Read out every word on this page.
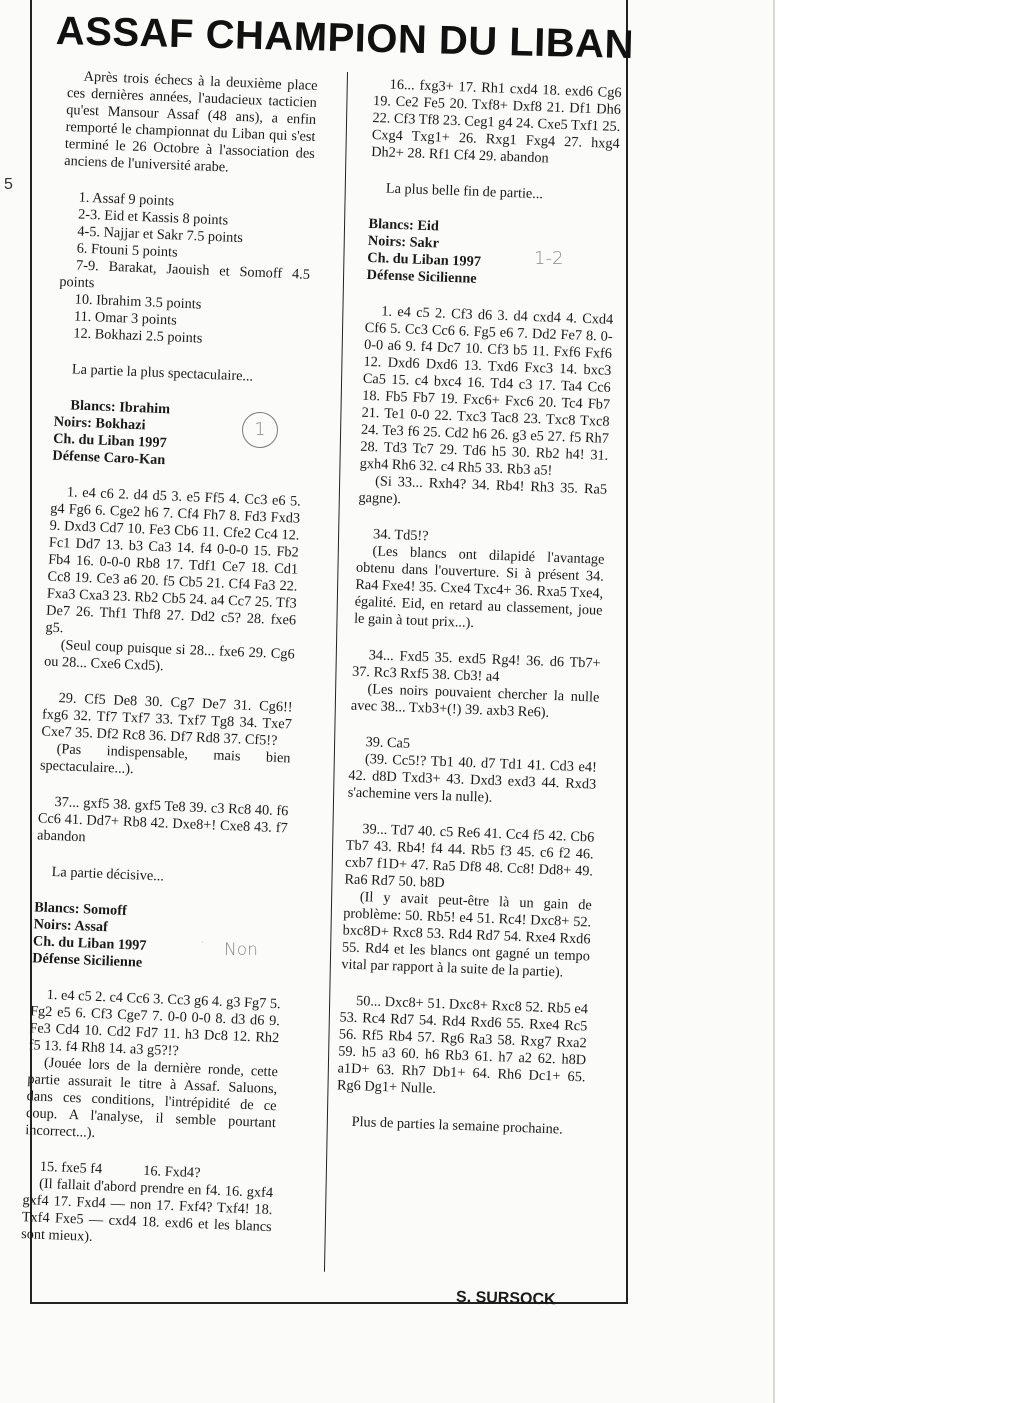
5
ASSAF CHAMPION DU LIBAN

Après trois échecs à la deuxième place ces dernières années, l'audacieux tacticien qu'est Mansour Assaf (48 ans), a enfin remporté le championnat du Liban qui s'est terminé le 26 Octobre à l'association des anciens de l'université arabe.

1. Assaf 9 points

2-3. Eid et Kassis 8 points

4-5. Najjar et Sakr 7.5 points

6. Ftouni 5 points

7-9. Barakat, Jaouish et Somoff 4.5 points

10. Ibrahim 3.5 points

11. Omar 3 points

12. Bokhazi 2.5 points

La partie la plus spectaculaire...

Blancs: Ibrahim

Noirs: Bokhazi

Ch. du Liban 1997

Défense Caro-Kan

1. e4 c6 2. d4 d5 3. e5 Ff5 4. Cc3 e6 5. g4 Fg6 6. Cge2 h6 7. Cf4 Fh7 8. Fd3 Fxd3 9. Dxd3 Cd7 10. Fe3 Cb6 11. Cfe2 Cc4 12. Fc1 Dd7 13. b3 Ca3 14. f4 0-0-0 15. Fb2 Fb4 16. 0-0-0 Rb8 17. Tdf1 Ce7 18. Cd1 Cc8 19. Ce3 a6 20. f5 Cb5 21. Cf4 Fa3 22. Fxa3 Cxa3 23. Rb2 Cb5 24. a4 Cc7 25. Tf3 De7 26. Thf1 Thf8 27. Dd2 c5? 28. fxe6 g5.

(Seul coup puisque si 28... fxe6 29. Cg6 ou 28... Cxe6 Cxd5).

29. Cf5 De8 30. Cg7 De7 31. Cg6!! fxg6 32. Tf7 Txf7 33. Txf7 Tg8 34. Txe7 Cxe7 35. Df2 Rc8 36. Df7 Rd8 37. Cf5!?

(Pas indispensable, mais bien spectaculaire...).

37... gxf5 38. gxf5 Te8 39. c3 Rc8 40. f6 Cc6 41. Dd7+ Rb8 42. Dxe8+! Cxe8 43. f7 abandon

La partie décisive...

Blancs: Somoff

Noirs: Assaf

Ch. du Liban 1997

Défense Sicilienne

1. e4 c5 2. c4 Cc6 3. Cc3 g6 4. g3 Fg7 5. Fg2 e5 6. Cf3 Cge7 7. 0-0 0-0 8. d3 d6 9. Fe3 Cd4 10. Cd2 Fd7 11. h3 Dc8 12. Rh2 f5 13. f4 Rh8 14. a3 g5?!?

(Jouée lors de la dernière ronde, cette partie assurait le titre à Assaf. Saluons, dans ces conditions, l'intrépidité de ce coup. A l'analyse, il semble pourtant incorrect...).

15. fxe5 f4	16. Fxd4?

(Il fallait d'abord prendre en f4. 16. gxf4 gxf4 17. Fxd4 — non 17. Fxf4? Txf4! 18. Txf4 Fxe5 — cxd4 18. exd6 et les blancs sont mieux).

16... fxg3+ 17. Rh1 cxd4 18. exd6 Cg6 19. Ce2 Fe5 20. Txf8+ Dxf8 21. Df1 Dh6 22. Cf3 Tf8 23. Ceg1 g4 24. Cxe5 Txf1 25. Cxg4 Txg1+ 26. Rxg1 Fxg4 27. hxg4 Dh2+ 28. Rf1 Cf4 29. abandon

La plus belle fin de partie...

Blancs: Eid

Noirs: Sakr

Ch. du Liban 1997

Défense Sicilienne

1. e4 c5 2. Cf3 d6 3. d4 cxd4 4. Cxd4 Cf6 5. Cc3 Cc6 6. Fg5 e6 7. Dd2 Fe7 8. 0-0-0 a6 9. f4 Dc7 10. Cf3 b5 11. Fxf6 Fxf6 12. Dxd6 Dxd6 13. Txd6 Fxc3 14. bxc3 Ca5 15. c4 bxc4 16. Td4 c3 17. Ta4 Cc6 18. Fb5 Fb7 19. Fxc6+ Fxc6 20. Tc4 Fb7 21. Te1 0-0 22. Txc3 Tac8 23. Txc8 Txc8 24. Te3 f6 25. Cd2 h6 26. g3 e5 27. f5 Rh7 28. Td3 Tc7 29. Td6 h5 30. Rb2 h4! 31. gxh4 Rh6 32. c4 Rh5 33. Rb3 a5!

(Si 33... Rxh4? 34. Rb4! Rh3 35. Ra5 gagne).

34. Td5!?

(Les blancs ont dilapidé l'avantage obtenu dans l'ouverture. Si à présent 34. Ra4 Fxe4! 35. Cxe4 Txc4+ 36. Rxa5 Txe4, égalité. Eid, en retard au classement, joue le gain à tout prix...).

34... Fxd5 35. exd5 Rg4! 36. d6 Tb7+ 37. Rc3 Rxf5 38. Cb3! a4

(Les noirs pouvaient chercher la nulle avec 38... Txb3+(!) 39. axb3 Re6).

39. Ca5

(39. Cc5!? Tb1 40. d7 Td1 41. Cd3 e4! 42. d8D Txd3+ 43. Dxd3 exd3 44. Rxd3 s'achemine vers la nulle).

39... Td7 40. c5 Re6 41. Cc4 f5 42. Cb6 Tb7 43. Rb4! f4 44. Rb5 f3 45. c6 f2 46. cxb7 f1D+ 47. Ra5 Df8 48. Cc8! Dd8+ 49. Ra6 Rd7 50. b8D

(Il y avait peut-être là un gain de problème: 50. Rb5! e4 51. Rc4! Dxc8+ 52. bxc8D+ Rxc8 53. Rd4 Rd7 54. Rxe4 Rxd6 55. Rd4 et les blancs ont gagné un tempo vital par rapport à la suite de la partie).

50... Dxc8+ 51. Dxc8+ Rxc8 52. Rb5 e4 53. Rc4 Rd7 54. Rd4 Rxd6 55. Rxe4 Rc5 56. Rf5 Rb4 57. Rg6 Ra3 58. Rxg7 Rxa2 59. h5 a3 60. h6 Rb3 61. h7 a2 62. h8D a1D+ 63. Rh7 Db1+ 64. Rh6 Dc1+ 65. Rg6 Dg1+ Nulle.

Plus de parties la semaine prochaine.

S. SURSOCK
1
1-2
Non
·
